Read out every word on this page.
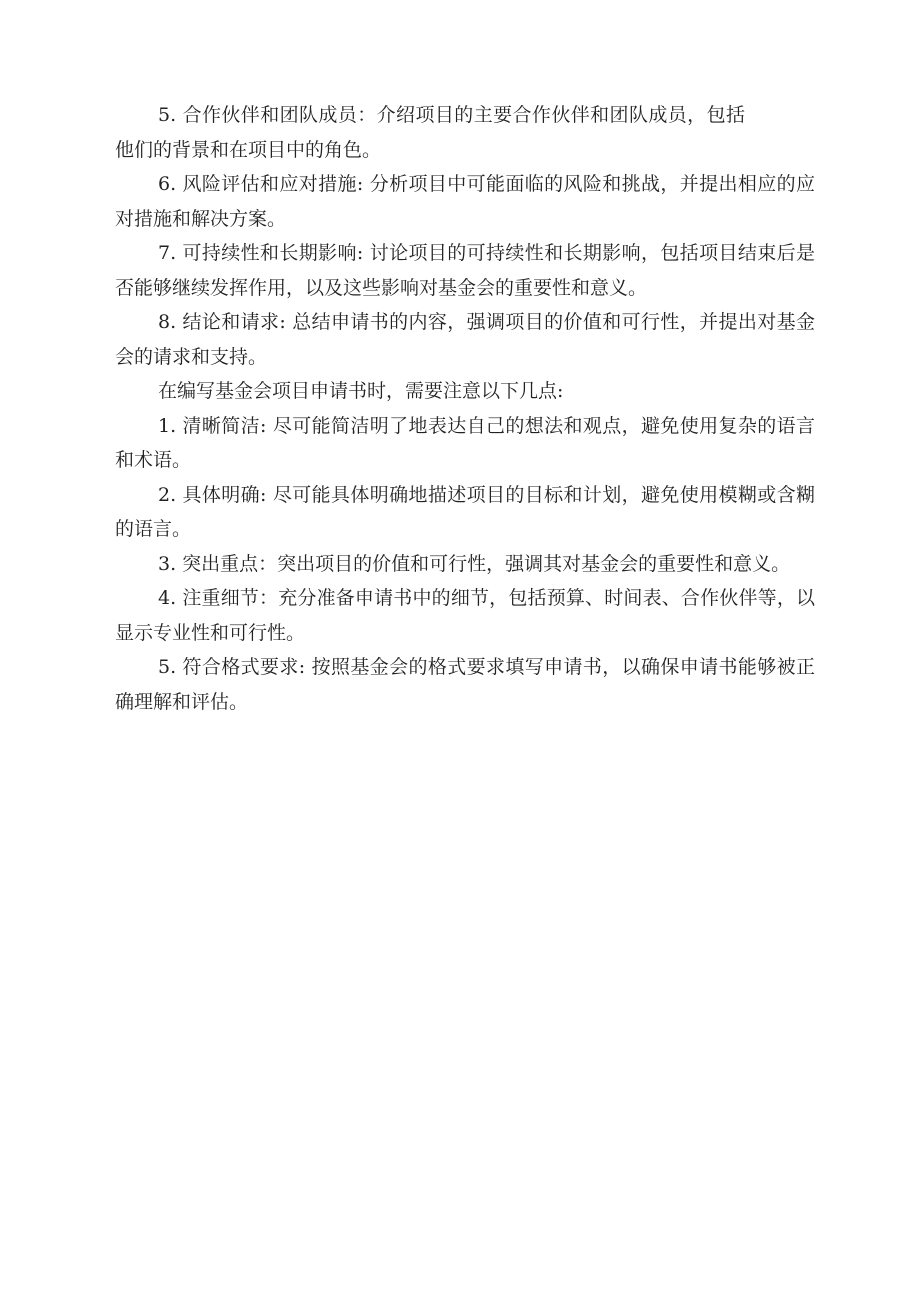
5. 合作伙伴和团队成员：介绍项目的主要合作伙伴和团队成员，包括他们的背景和在项目中的角色。

6. 风险评估和应对措施: 分析项目中可能面临的风险和挑战，并提出相应的应对措施和解决方案。

7. 可持续性和长期影响: 讨论项目的可持续性和长期影响，包括项目结束后是否能够继续发挥作用，以及这些影响对基金会的重要性和意义。

8. 结论和请求: 总结申请书的内容，强调项目的价值和可行性，并提出对基金会的请求和支持。

在编写基金会项目申请书时，需要注意以下几点:

1. 清晰简洁: 尽可能简洁明了地表达自己的想法和观点，避免使用复杂的语言和术语。

2. 具体明确: 尽可能具体明确地描述项目的目标和计划，避免使用模糊或含糊的语言。

3. 突出重点：突出项目的价值和可行性，强调其对基金会的重要性和意义。

4. 注重细节：充分准备申请书中的细节，包括预算、时间表、合作伙伴等，以显示专业性和可行性。

5. 符合格式要求: 按照基金会的格式要求填写申请书，以确保申请书能够被正确理解和评估。
